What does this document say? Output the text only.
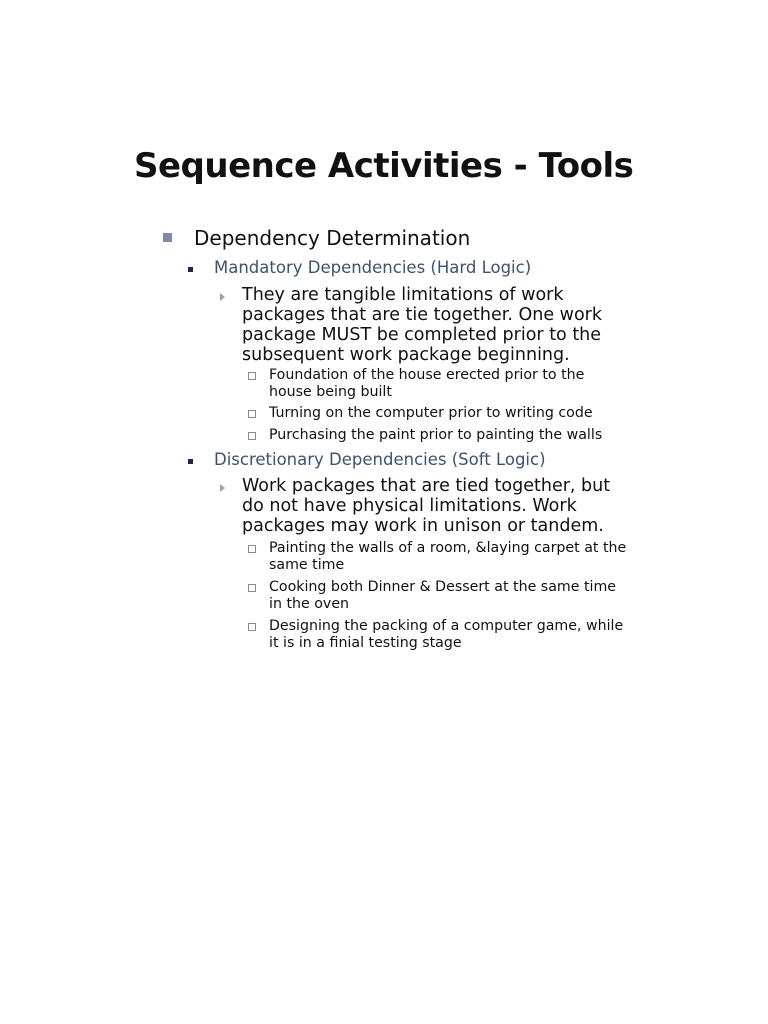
Sequence Activities - Tools
Dependency Determination
Mandatory Dependencies (Hard Logic)
They are tangible limitations of work packages that are tie together. One work package MUST be completed prior to the subsequent work package beginning.
Foundation of the house erected prior to the house being built
Turning on the computer prior to writing code
Purchasing the paint prior to painting the walls
Discretionary Dependencies (Soft Logic)
Work packages that are tied together, but do not have physical limitations. Work packages may work in unison or tandem.
Painting the walls of a room, &laying carpet at the same time
Cooking both Dinner & Dessert at the same time in the oven
Designing the packing of a computer game, while it is in a finial testing stage
